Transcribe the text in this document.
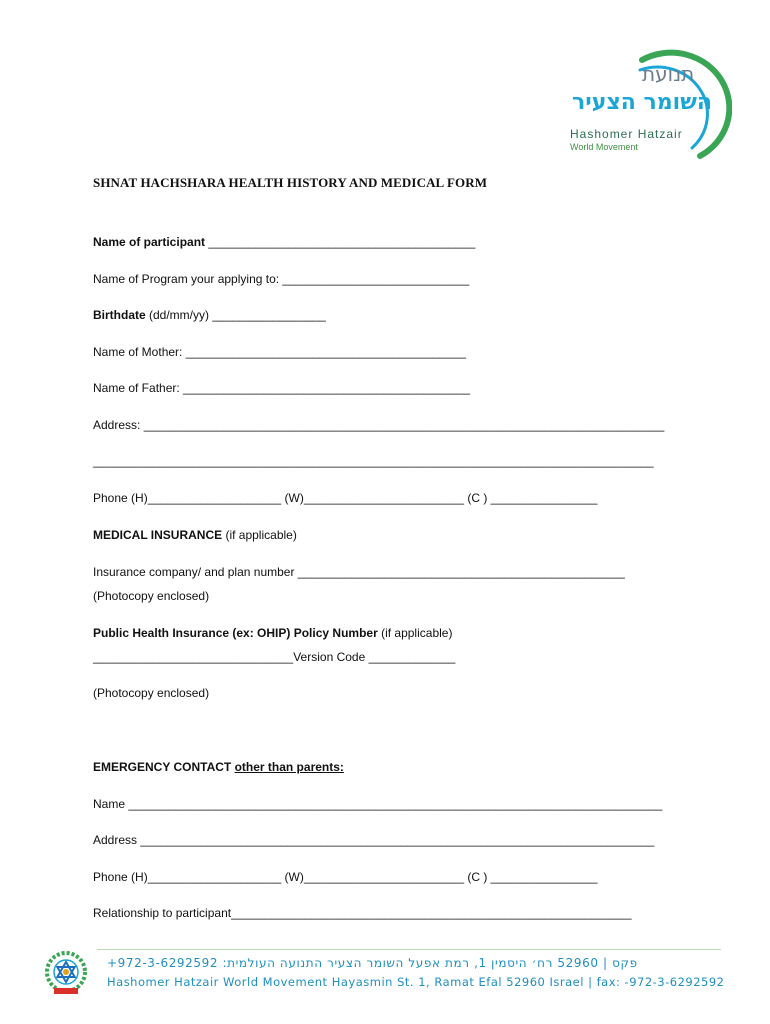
תנועת
השומר הצעיר
Hashomer Hatzair
World Movement
SHNAT HACHSHARA HEALTH HISTORY AND MEDICAL FORM
Name of participant ________________________________________
Name of Program your applying to: ____________________________
Birthdate (dd/mm/yy) _________________
Name of Mother: __________________________________________
Name of Father: ___________________________________________
Address: ______________________________________________________________________________
____________________________________________________________________________________
Phone (H)____________________ (W)________________________ (C ) ________________
MEDICAL INSURANCE (if applicable)
Insurance company/ and plan number _________________________________________________
(Photocopy enclosed)
Public Health Insurance (ex: OHIP) Policy Number (if applicable)
______________________________Version Code _____________
(Photocopy enclosed)
EMERGENCY CONTACT other than parents:
Name ________________________________________________________________________________
Address _____________________________________________________________________________
Phone (H)____________________ (W)________________________ (C ) ________________
Relationship to participant____________________________________________________________
+972-3-6292592 :פקס | 52960 רח׳ היסמין 1, רמת אפעל השומר הצעיר התנועה העולמית
Hashomer Hatzair World Movement Hayasmin St. 1, Ramat Efal 52960 Israel | fax: -972-3-6292592
